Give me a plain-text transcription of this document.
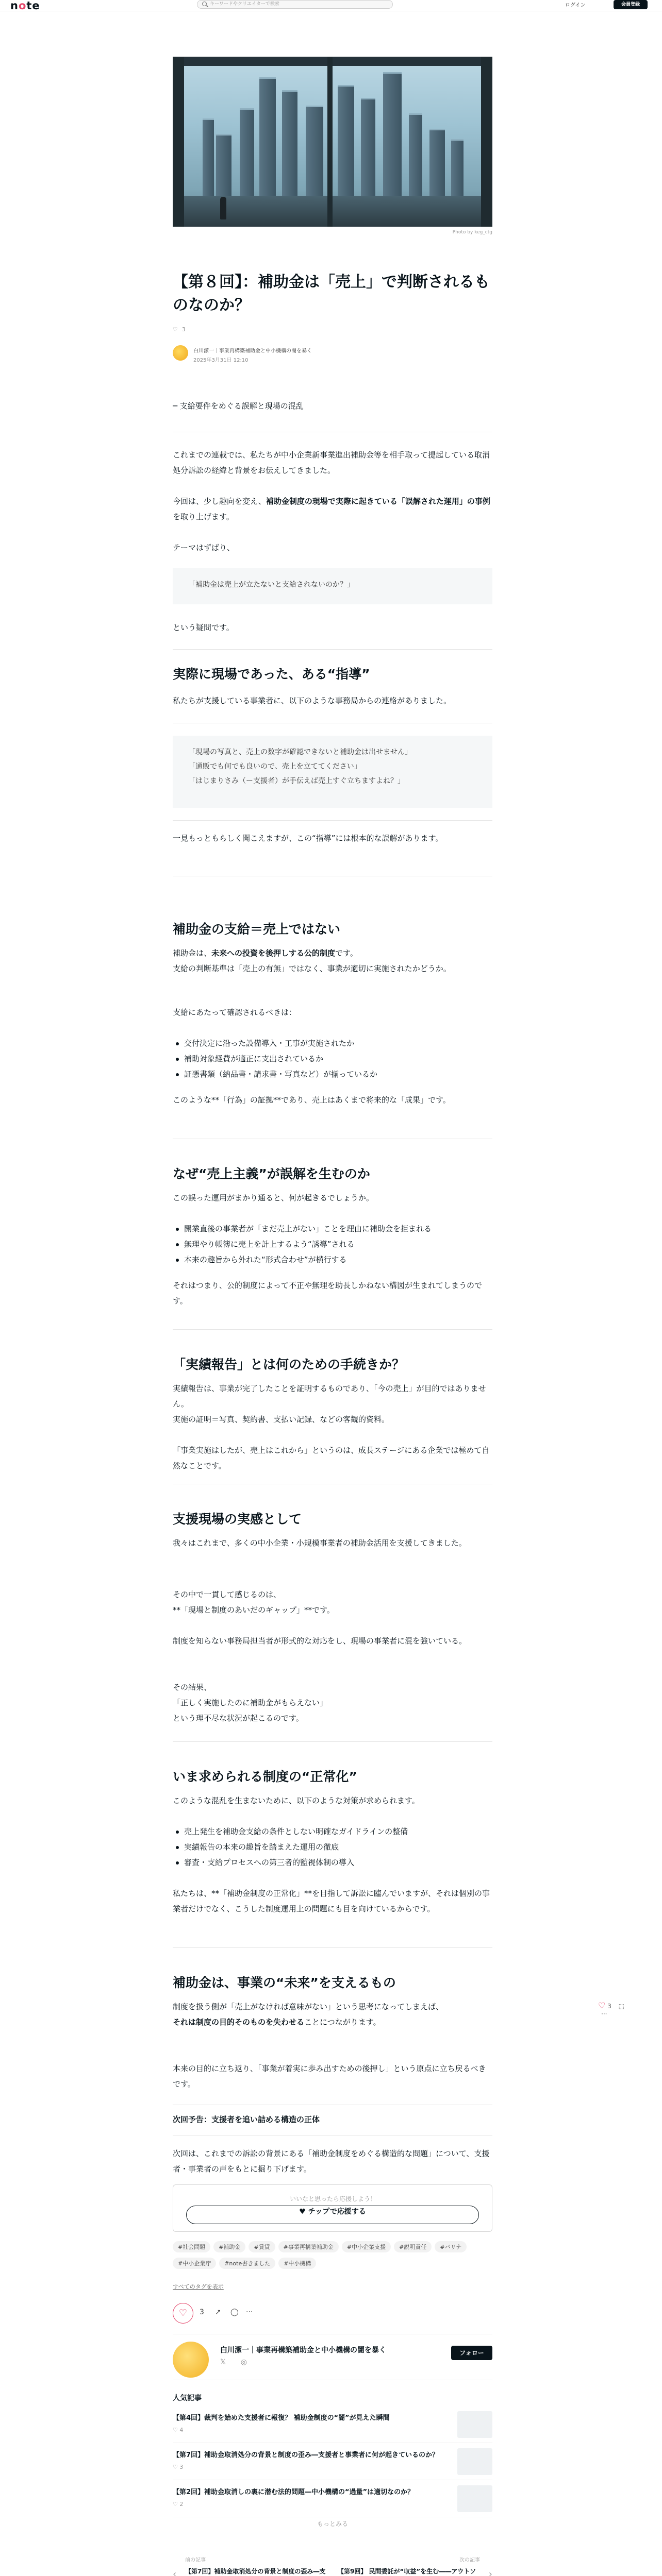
note	キーワードやクリエイターで検索	ログイン	会員登録
Photo by keg_ctg
【第８回】：補助金は「売上」で判断されるものなのか？
♡ 3
白川潔一｜事業再構築補助金と中小機構の闇を暴く
2025年3月31日 12:10

─ 支給要件をめぐる誤解と現場の混乱

これまでの連載では、私たちが中小企業新事業進出補助金等を相手取って提起している取消処分訴訟の経緯と背景をお伝えしてきました。

今回は、少し趣向を変え、補助金制度の現場で実際に起きている「誤解された運用」の事例を取り上げます。

テーマはずばり、

「補助金は売上が立たないと支給されないのか？」

という疑問です。

実際に現場であった、ある“指導”

私たちが支援している事業者に、以下のような事務局からの連絡がありました。

「現場の写真と、売上の数字が確認できないと補助金は出せません」
「通販でも何でも良いので、売上を立ててください」
「はじまりさみ（ー支援者）が手伝えば売上すぐ立ちますよね？」

一見もっともらしく聞こえますが、この“指導”には根本的な誤解があります。

補助金の支給＝売上ではない

補助金は、未来への投資を後押しする公的制度です。
支給の判断基準は「売上の有無」ではなく、事業が適切に実施されたかどうか。

支給にあたって確認されるべきは：

交付決定に沿った設備導入・工事が実施されたか
補助対象経費が適正に支出されているか
証憑書類（納品書・請求書・写真など）が揃っているか

このような**「行為」の証拠**であり、売上はあくまで将来的な「成果」です。

なぜ“売上主義”が誤解を生むのか

この誤った運用がまかり通ると、何が起きるでしょうか。

開業直後の事業者が「まだ売上がない」ことを理由に補助金を拒まれる
無理やり帳簿に売上を計上するよう“誘導”される
本来の趣旨から外れた“形式合わせ”が横行する

それはつまり、公的制度によって不正や無理を助長しかねない構図が生まれてしまうのです。

「実績報告」とは何のための手続きか？

実績報告は、事業が完了したことを証明するものであり、「今の売上」が目的ではありません。
実施の証明＝写真、契約書、支払い記録、などの客観的資料。

「事業実施はしたが、売上はこれから」というのは、成長ステージにある企業では極めて自然なことです。

支援現場の実感として

我々はこれまで、多くの中小企業・小規模事業者の補助金活用を支援してきました。

その中で一貫して感じるのは、
**「現場と制度のあいだのギャップ」**です。

制度を知らない事務局担当者が形式的な対応をし、現場の事業者に混を強いている。

その結果、
「正しく実施したのに補助金がもらえない」
という理不尽な状況が起こるのです。

いま求められる制度の“正常化”

このような混乱を生まないために、以下のような対策が求められます。

売上発生を補助金支給の条件としない明確なガイドラインの整備
実績報告の本来の趣旨を踏まえた運用の徹底
審査・支給プロセスへの第三者的監視体制の導入

私たちは、**「補助金制度の正常化」**を目指して訴訟に臨んでいますが、それは個別の事業者だけでなく、こうした制度運用上の問題にも目を向けているからです。

補助金は、事業の“未来”を支えるもの

制度を扱う側が「売上がなければ意味がない」という思考になってしまえば、
それは制度の目的そのものを失わせることにつながります。

本来の目的に立ち返り、「事業が着実に歩み出すための後押し」という原点に立ち戻るべきです。

次回予告：支援者を追い詰める構造の正体

次回は、これまでの訴訟の背景にある「補助金制度をめぐる構造的な問題」について、支援者・事業者の声をもとに掘り下げます。

いいなと思ったら応援しよう！
♥ チップで応援する
#社会問題 #補助金 #賃貸 #事業再構築補助金 #中小企業支援 #説明責任 #バリナ#中小企業庁 #note書きました #中小機構
すべてのタグを表示
♡	3 ↗ ◯ ···
白川潔一｜事業再構築補助金と中小機構の闇を暴く
𝕏 ◎
フォロー
人気記事
【第4回】裁判を始めた支援者に報復？ 補助金制度の“闇”が見えた瞬間
♡ 4
【第7回】補助金取消処分の背景と制度の歪み―支援者と事業者に何が起きているのか？
♡ 3
【第2回】補助金取消しの裏に潜む法的問題―中小機構の“過量”は適切なのか？
♡ 2
もっとみる
‹
前の記事
【第7回】補助金取消処分の背景と制度の歪み―支	›
次の記事
【第9回】 民間委託が“収益”を生む――アウトソ
♡ 3 ⬚ ···
